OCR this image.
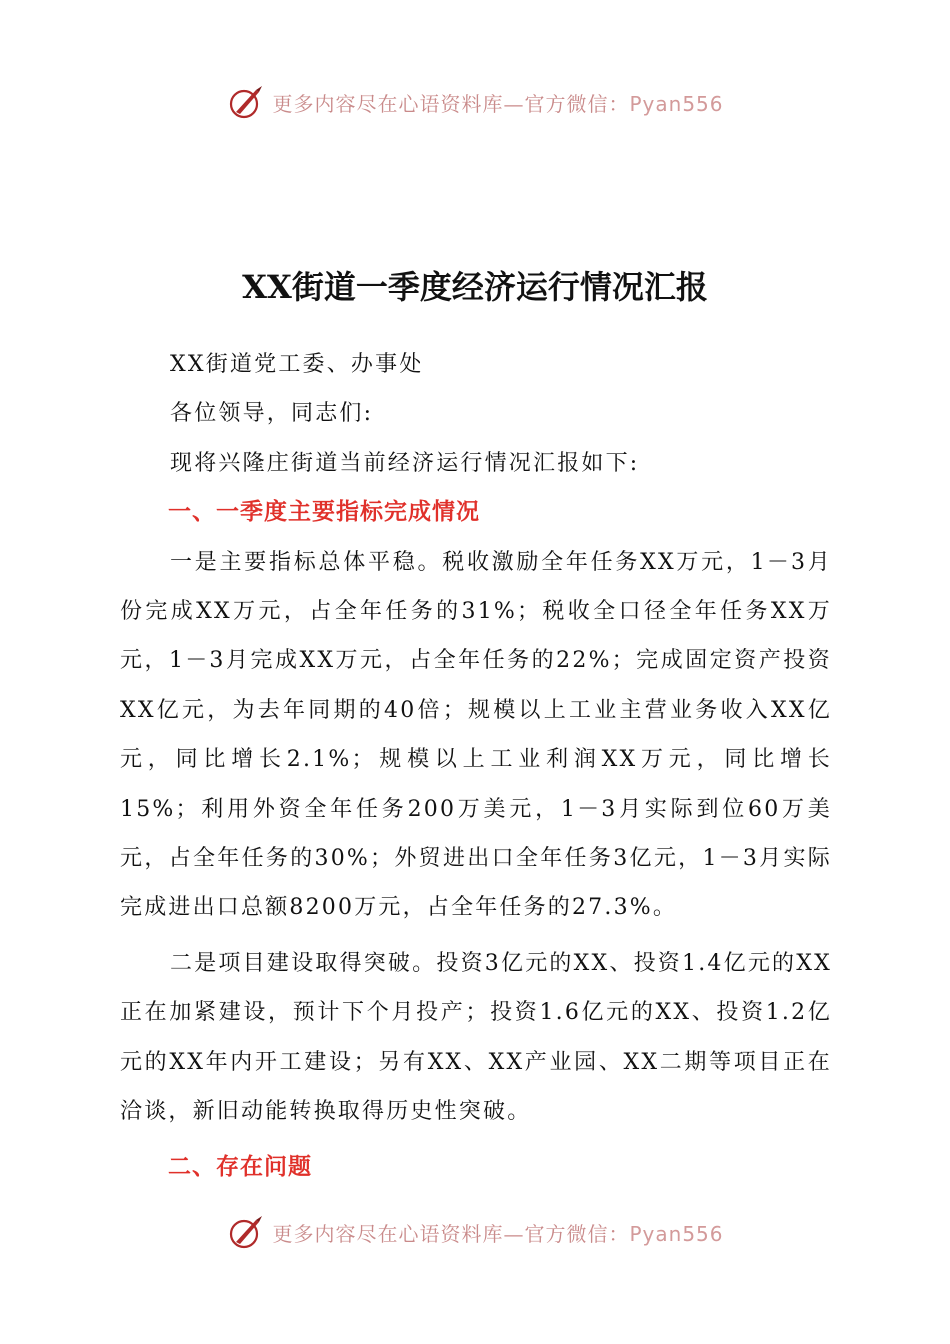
更多内容尽在心语资料库—官方微信：Pyan556
XX街道一季度经济运行情况汇报

XX街道党工委、办事处

各位领导，同志们:

现将兴隆庄街道当前经济运行情况汇报如下:

一、一季度主要指标完成情况

一是主要指标总体平稳。税收激励全年任务XX万元，1－3月份完成XX万元，占全年任务的31%；税收全口径全年任务XX万元，1－3月完成XX万元，占全年任务的22%；完成固定资产投资XX亿元，为去年同期的40倍；规模以上工业主营业务收入XX亿元，同比增长2.1%；规模以上工业利润XX万元，同比增长15%；利用外资全年任务200万美元，1－3月实际到位60万美元，占全年任务的30%；外贸进出口全年任务3亿元，1－3月实际完成进出口总额8200万元，占全年任务的27.3%。

二是项目建设取得突破。投资3亿元的XX、投资1.4亿元的XX正在加紧建设，预计下个月投产；投资1.6亿元的XX、投资1.2亿元的XX年内开工建设；另有XX、XX产业园、XX二期等项目正在洽谈，新旧动能转换取得历史性突破。

二、存在问题

更多内容尽在心语资料库—官方微信：Pyan556
